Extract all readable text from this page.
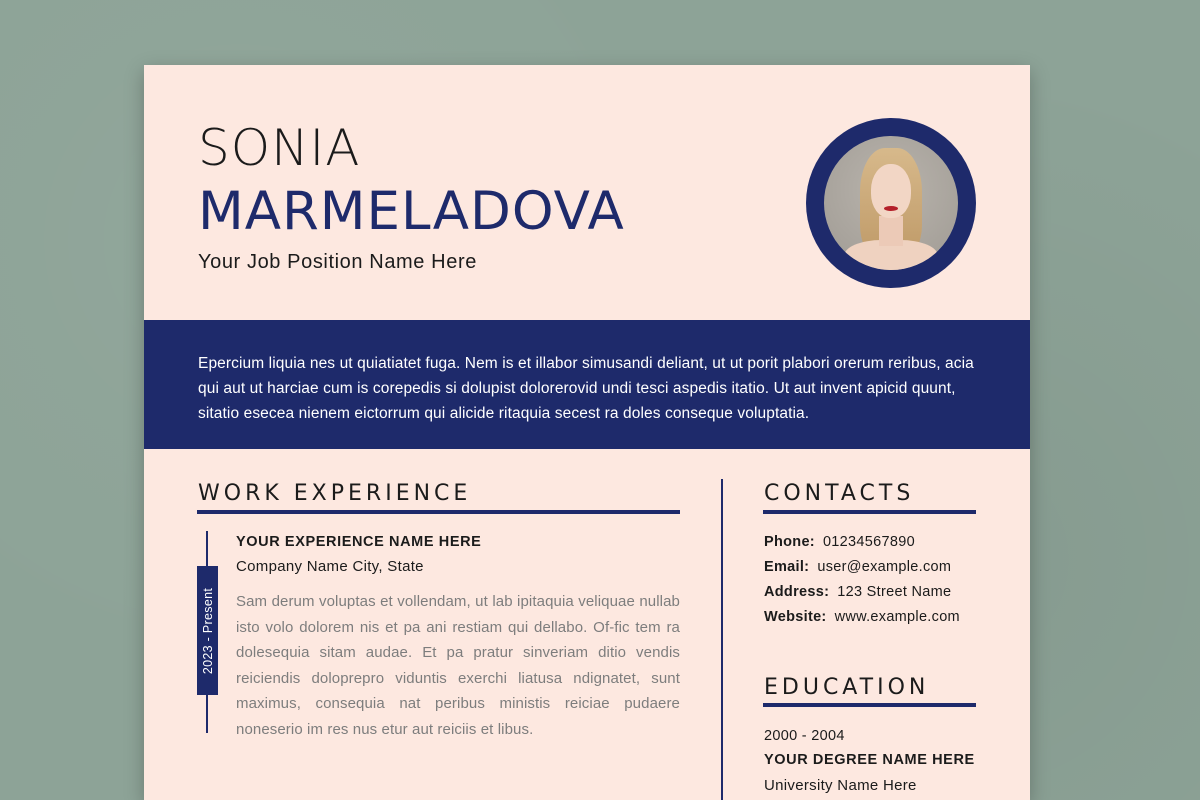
SONIA
MARMELADOVA
Your Job Position Name Here
Epercium liquia nes ut quiatiatet fuga. Nem is et illabor simusandi deliant, ut ut porit plabori orerum reribus, acia qui aut ut harciae cum is corepedis si dolupist dolorerovid undi tesci aspedis itatio. Ut aut invent apicid quunt, sitatio esecea nienem eictorrum qui alicide ritaquia secest ra doles conseque voluptatia.
WORK EXPERIENCE
2023 - Present
YOUR EXPERIENCE NAME HERE
Company Name City, State
Sam derum voluptas et vollendam, ut lab ipitaquia veliquae nullab isto volo dolorem nis et pa ani restiam qui dellabo. Of-fic tem ra dolesequia sitam audae. Et pa pratur sinveriam ditio vendis reiciendis doloprepro viduntis exerchi liatusa ndignatet, sunt maximus, consequia nat peribus ministis reiciae pudaere noneserio im res nus etur aut reiciis et libus.
CONTACTS
Phone: 01234567890
Email: user@example.com
Address: 123 Street Name
Website: www.example.com
EDUCATION
2000 - 2004
YOUR DEGREE NAME HERE
University Name Here
